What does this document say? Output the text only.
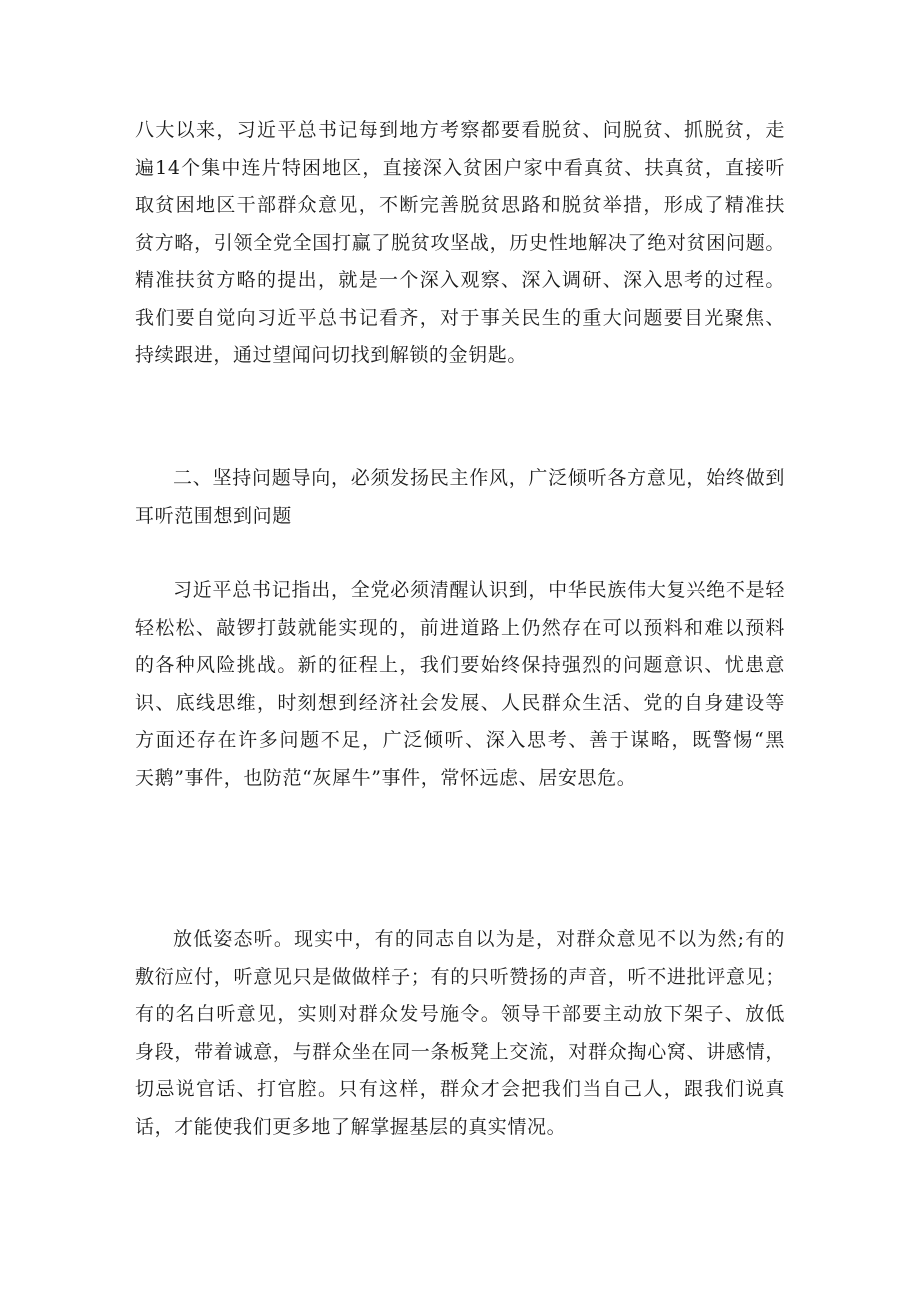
八大以来，习近平总书记每到地方考察都要看脱贫、问脱贫、抓脱贫，走
遍14个集中连片特困地区，直接深入贫困户家中看真贫、扶真贫，直接听
取贫困地区干部群众意见，不断完善脱贫思路和脱贫举措，形成了精准扶
贫方略，引领全党全国打赢了脱贫攻坚战，历史性地解决了绝对贫困问题。
精准扶贫方略的提出，就是一个深入观察、深入调研、深入思考的过程。
我们要自觉向习近平总书记看齐，对于事关民生的重大问题要目光聚焦、
持续跟进，通过望闻问切找到解锁的金钥匙。
二、坚持问题导向，必须发扬民主作风，广泛倾听各方意见，始终做到
耳听范围想到问题
习近平总书记指出，全党必须清醒认识到，中华民族伟大复兴绝不是轻
轻松松、敲锣打鼓就能实现的，前进道路上仍然存在可以预料和难以预料
的各种风险挑战。新的征程上，我们要始终保持强烈的问题意识、忧患意
识、底线思维，时刻想到经济社会发展、人民群众生活、党的自身建设等
方面还存在许多问题不足，广泛倾听、深入思考、善于谋略，既警惕“黑
天鹅”事件，也防范“灰犀牛”事件，常怀远虑、居安思危。
放低姿态听。现实中，有的同志自以为是，对群众意见不以为然;有的
敷衍应付，听意见只是做做样子；有的只听赞扬的声音，听不进批评意见；
有的名白听意见，实则对群众发号施令。领导干部要主动放下架子、放低
身段，带着诚意，与群众坐在同一条板凳上交流，对群众掏心窝、讲感情，
切忌说官话、打官腔。只有这样，群众才会把我们当自己人，跟我们说真
话，才能使我们更多地了解掌握基层的真实情况。
